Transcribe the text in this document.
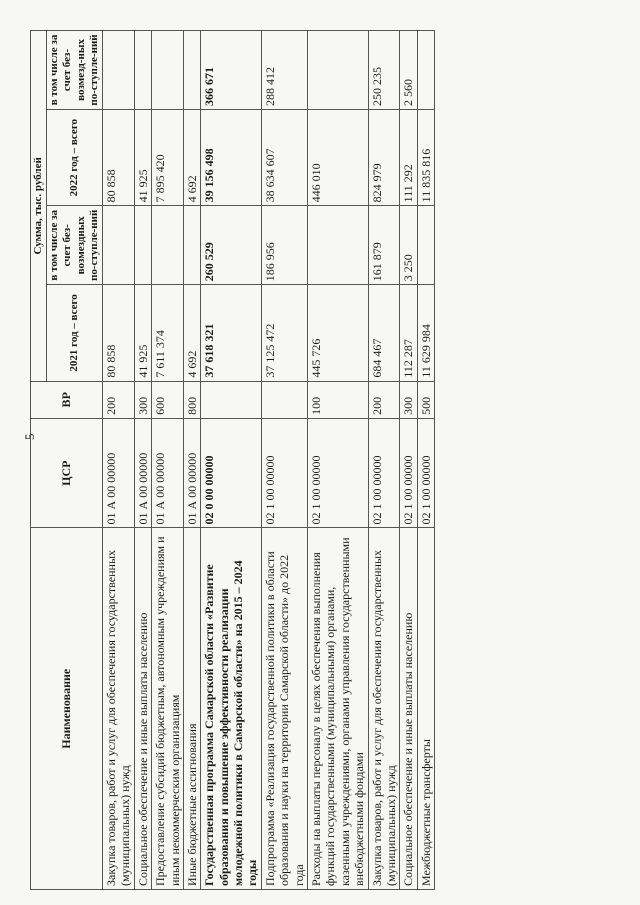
5
Наименование	ЦСР	ВР	Сумма, тыс. рублей			
			2021 год – всего	в том числе за счет без-возмездных по-ступле-ний	2022 год – всего	в том числе за счет без-возмезд-ных по-ступле-ний
Закупка товаров, работ и услуг для обеспечения государственных (муниципальных) нужд	01 А 00 00000	200	80 858		80 858	
Социальное обеспечение и иные выплаты населению	01 А 00 00000	300	41 925		41 925	
Предоставление субсидий бюджетным, автономным учреждениям и иным некоммерческим организациям	01 А 00 00000	600	7 611 374		7 895 420	
Иные бюджетные ассигнования	01 А 00 00000	800	4 692		4 692	
Государственная программа Самарской области «Развитие образования и повышение эффективности реализации молодежной политики в Самарской области» на 2015 – 2024 годы	02 0 00 00000		37 618 321	260 529	39 156 498	366 671
Подпрограмма «Реализация государственной политики в области образования и науки на территории Самарской области» до 2022 года	02 1 00 00000		37 125 472	186 956	38 634 607	288 412
Расходы на выплаты персоналу в целях обеспечения выполнения функций государственными (муниципальными) органами, казенными учреждениями, органами управления государственными внебюджетными фондами	02 1 00 00000	100	445 726		446 010	
Закупка товаров, работ и услуг для обеспечения государственных (муниципальных) нужд	02 1 00 00000	200	684 467	161 879	824 979	250 235
Социальное обеспечение и иные выплаты населению	02 1 00 00000	300	112 287	3 250	111 292	2 560
Межбюджетные трансферты	02 1 00 00000	500	11 629 984		11 835 816	
